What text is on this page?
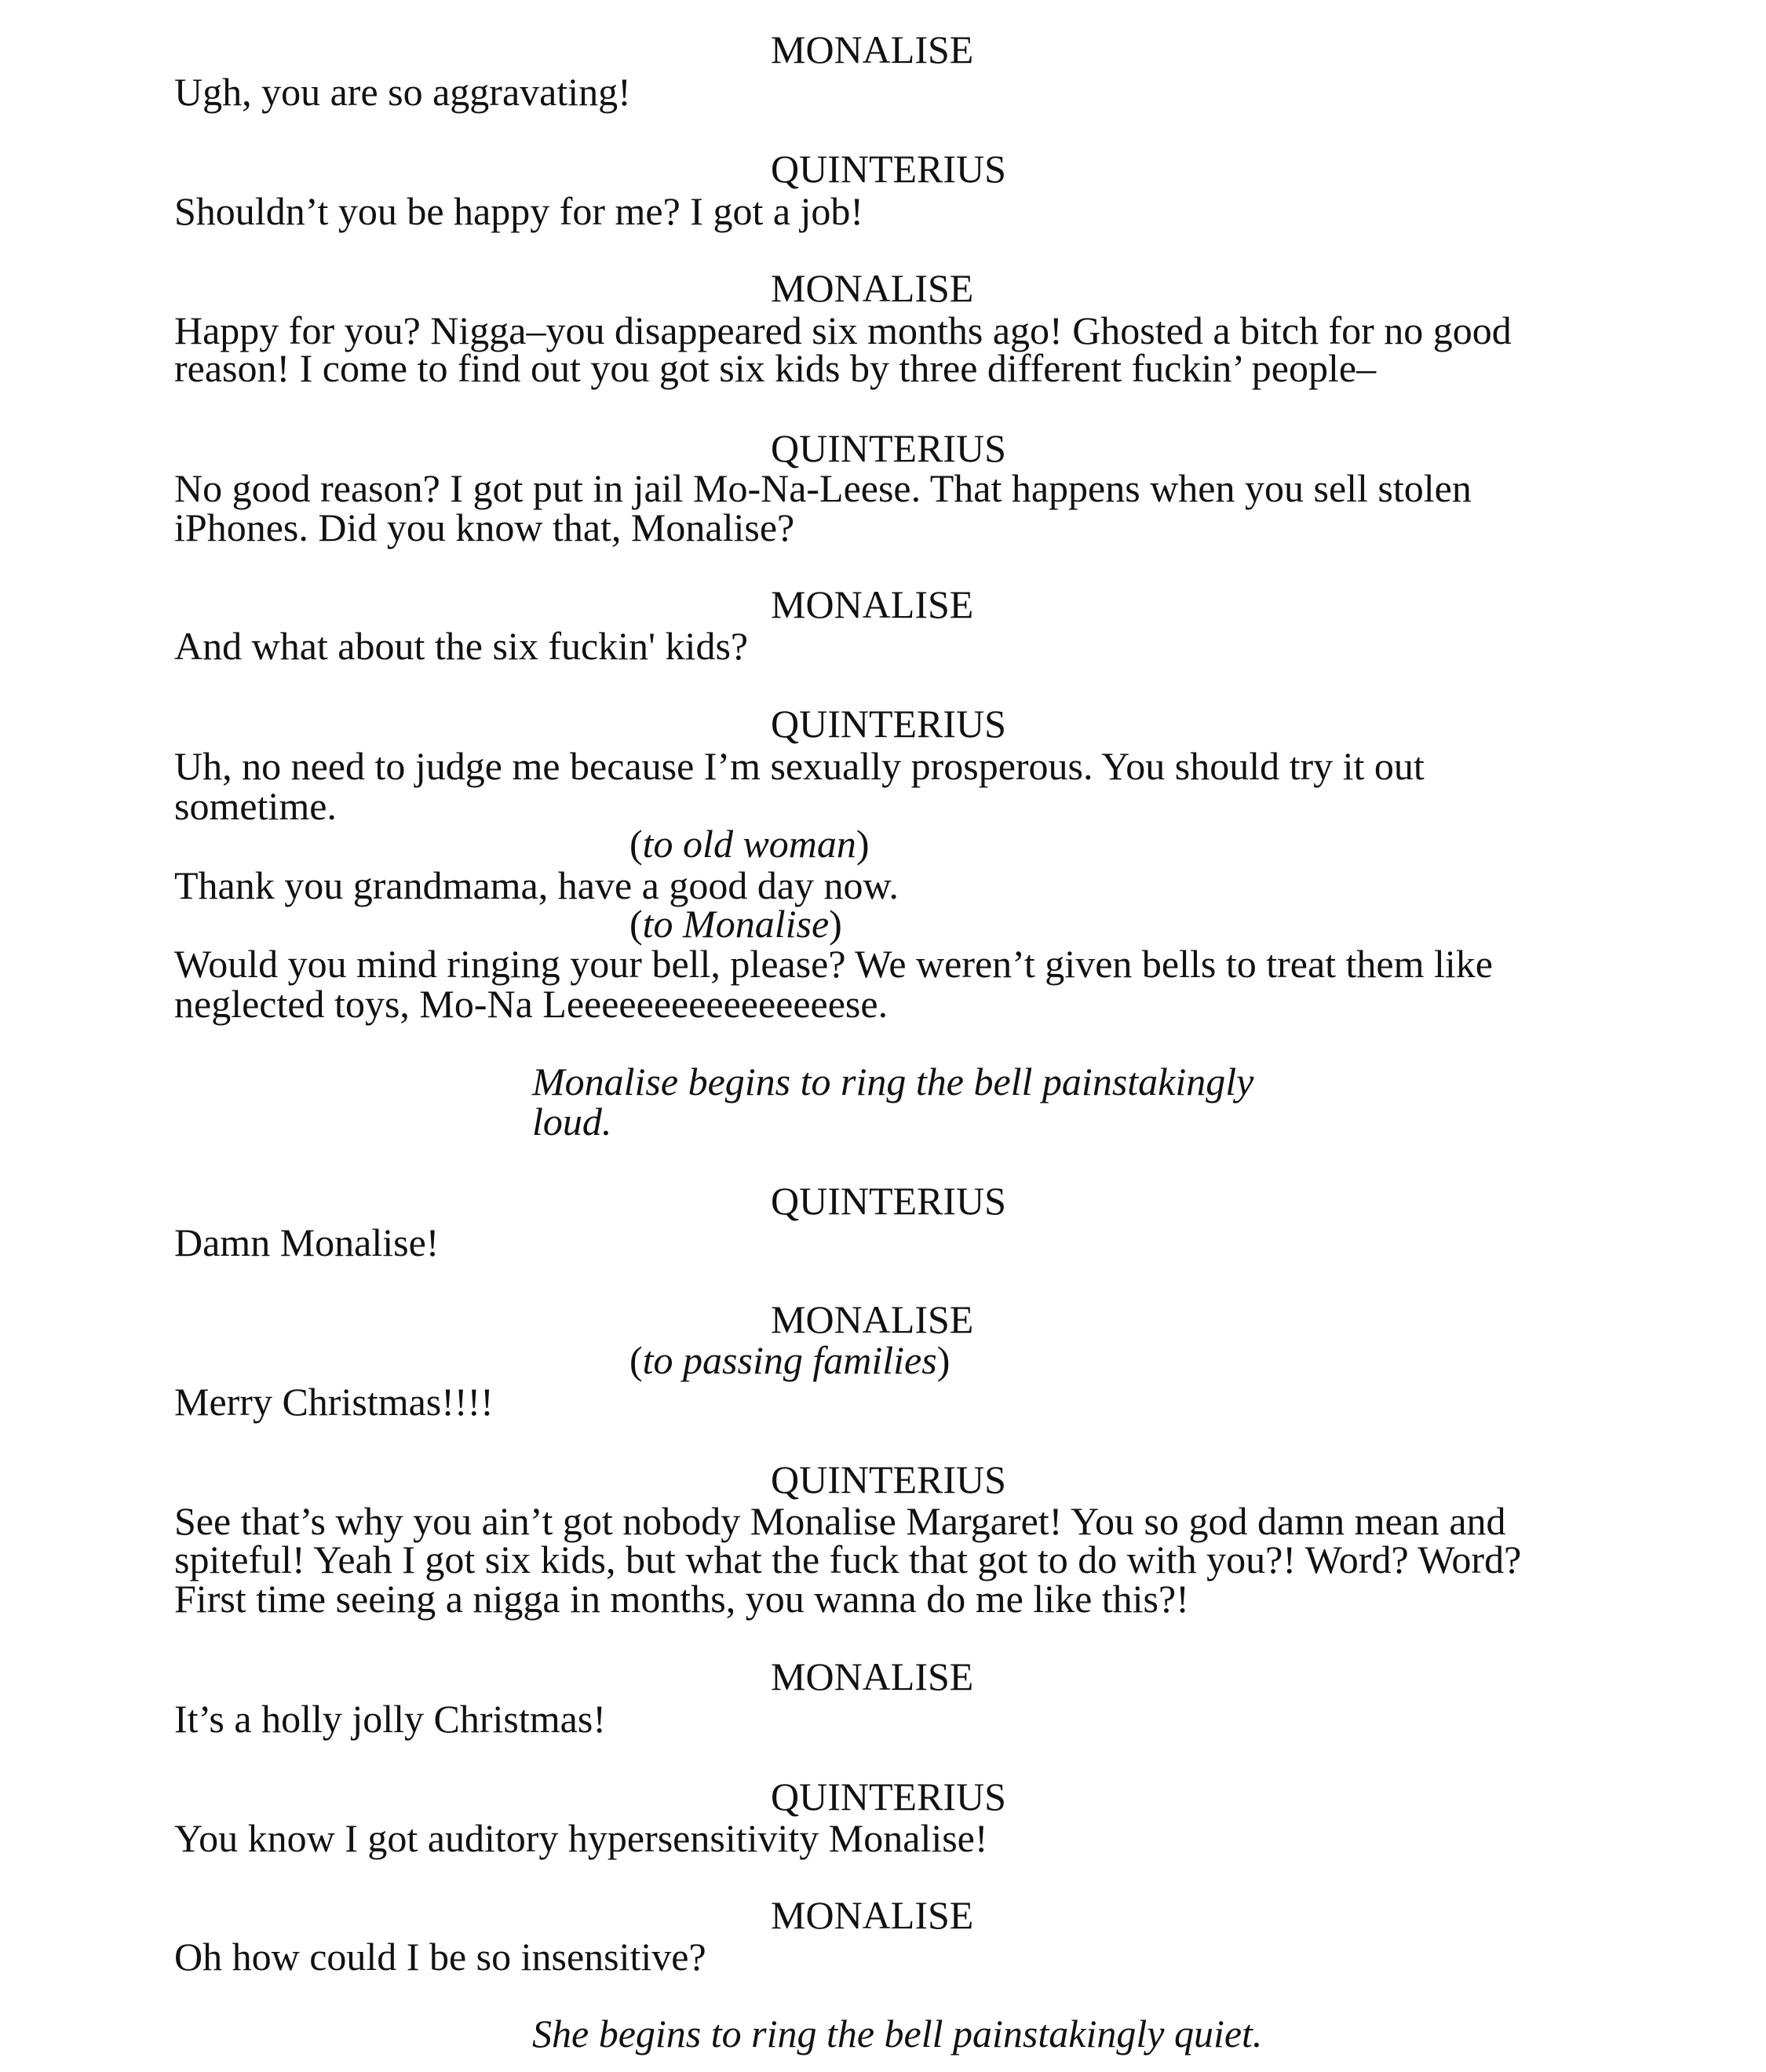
MONALISE

Ugh, you are so aggravating!

QUINTERIUS

Shouldn’t you be happy for me? I got a job!

MONALISE

Happy for you? Nigga–you disappeared six months ago! Ghosted a bitch for no good

reason! I come to find out you got six kids by three different fuckin’ people–

QUINTERIUS

No good reason? I got put in jail Mo-Na-Leese. That happens when you sell stolen

iPhones. Did you know that, Monalise?

MONALISE

And what about the six fuckin' kids?

QUINTERIUS

Uh, no need to judge me because I’m sexually prosperous. You should try it out

sometime.

(to old woman)

Thank you grandmama, have a good day now.

(to Monalise)

Would you mind ringing your bell, please? We weren’t given bells to treat them like

neglected toys, Mo-Na Leeeeeeeeeeeeeeeese.

Monalise begins to ring the bell painstakingly

loud.

QUINTERIUS

Damn Monalise!

MONALISE

(to passing families)

Merry Christmas!!!!

QUINTERIUS

See that’s why you ain’t got nobody Monalise Margaret! You so god damn mean and

spiteful! Yeah I got six kids, but what the fuck that got to do with you?! Word? Word?

First time seeing a nigga in months, you wanna do me like this?!

MONALISE

It’s a holly jolly Christmas!

QUINTERIUS

You know I got auditory hypersensitivity Monalise!

MONALISE

Oh how could I be so insensitive?

She begins to ring the bell painstakingly quiet.
